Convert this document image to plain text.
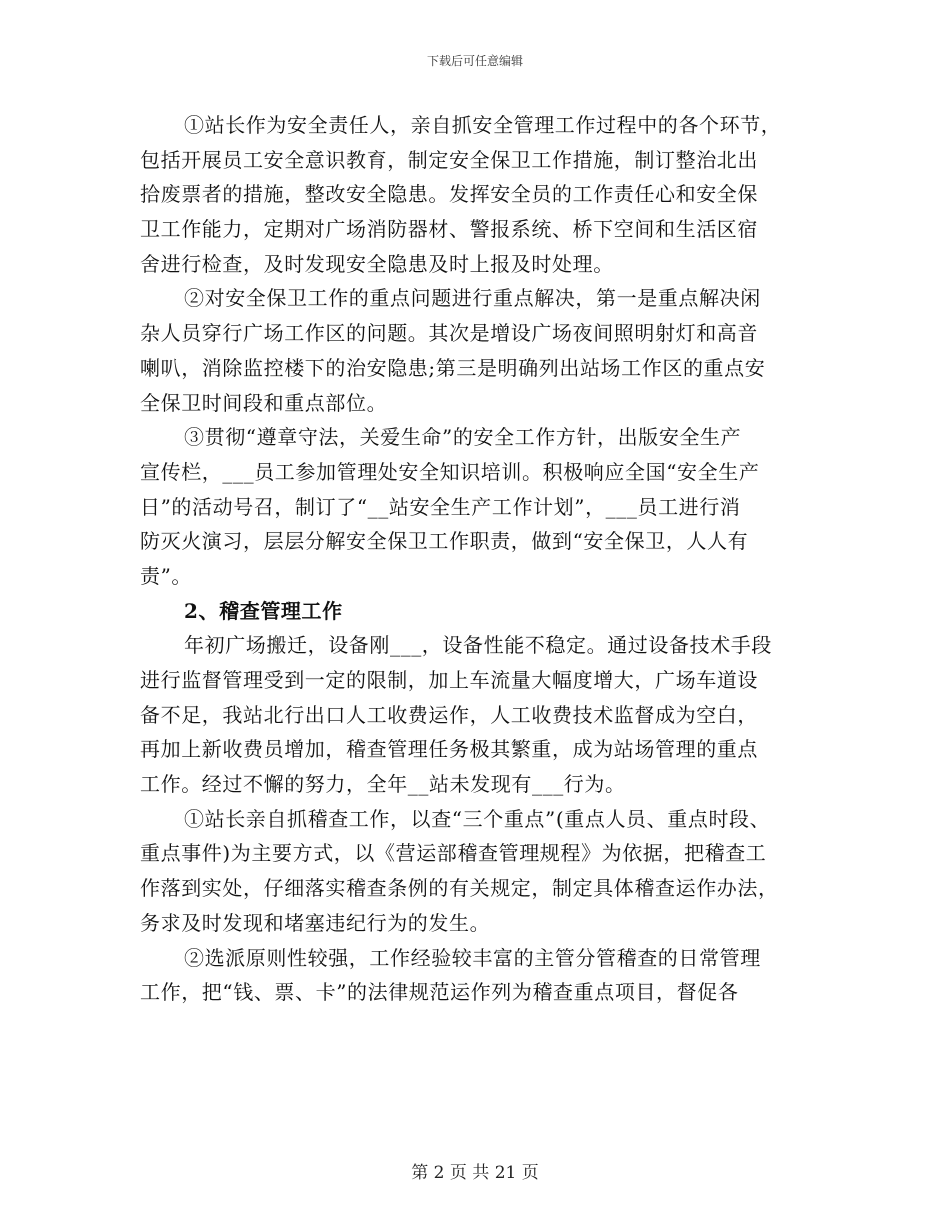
下载后可任意编辑
①站长作为安全责任人，亲自抓安全管理工作过程中的各个环节，
包括开展员工安全意识教育，制定安全保卫工作措施，制订整治北出
拾废票者的措施，整改安全隐患。发挥安全员的工作责任心和安全保
卫工作能力，定期对广场消防器材、警报系统、桥下空间和生活区宿
舍进行检查，及时发现安全隐患及时上报及时处理。
②对安全保卫工作的重点问题进行重点解决，第一是重点解决闲
杂人员穿行广场工作区的问题。其次是增设广场夜间照明射灯和高音
喇叭，消除监控楼下的治安隐患;第三是明确列出站场工作区的重点安
全保卫时间段和重点部位。
③贯彻“遵章守法，关爱生命”的安全工作方针，出版安全生产
宣传栏，___员工参加管理处安全知识培训。积极响应全国“安全生产
日”的活动号召，制订了“__站安全生产工作计划”，___员工进行消
防灭火演习，层层分解安全保卫工作职责，做到“安全保卫，人人有
责”。
2、稽查管理工作
年初广场搬迁，设备刚___，设备性能不稳定。通过设备技术手段
进行监督管理受到一定的限制，加上车流量大幅度增大，广场车道设
备不足，我站北行出口人工收费运作，人工收费技术监督成为空白，
再加上新收费员增加，稽查管理任务极其繁重，成为站场管理的重点
工作。经过不懈的努力，全年__站未发现有___行为。
①站长亲自抓稽查工作，以查“三个重点”(重点人员、重点时段、
重点事件)为主要方式，以《营运部稽查管理规程》为依据，把稽查工
作落到实处，仔细落实稽查条例的有关规定，制定具体稽查运作办法，
务求及时发现和堵塞违纪行为的发生。
②选派原则性较强，工作经验较丰富的主管分管稽查的日常管理
工作，把“钱、票、卡”的法律规范运作列为稽查重点项目，督促各
第 2 页 共 21 页
